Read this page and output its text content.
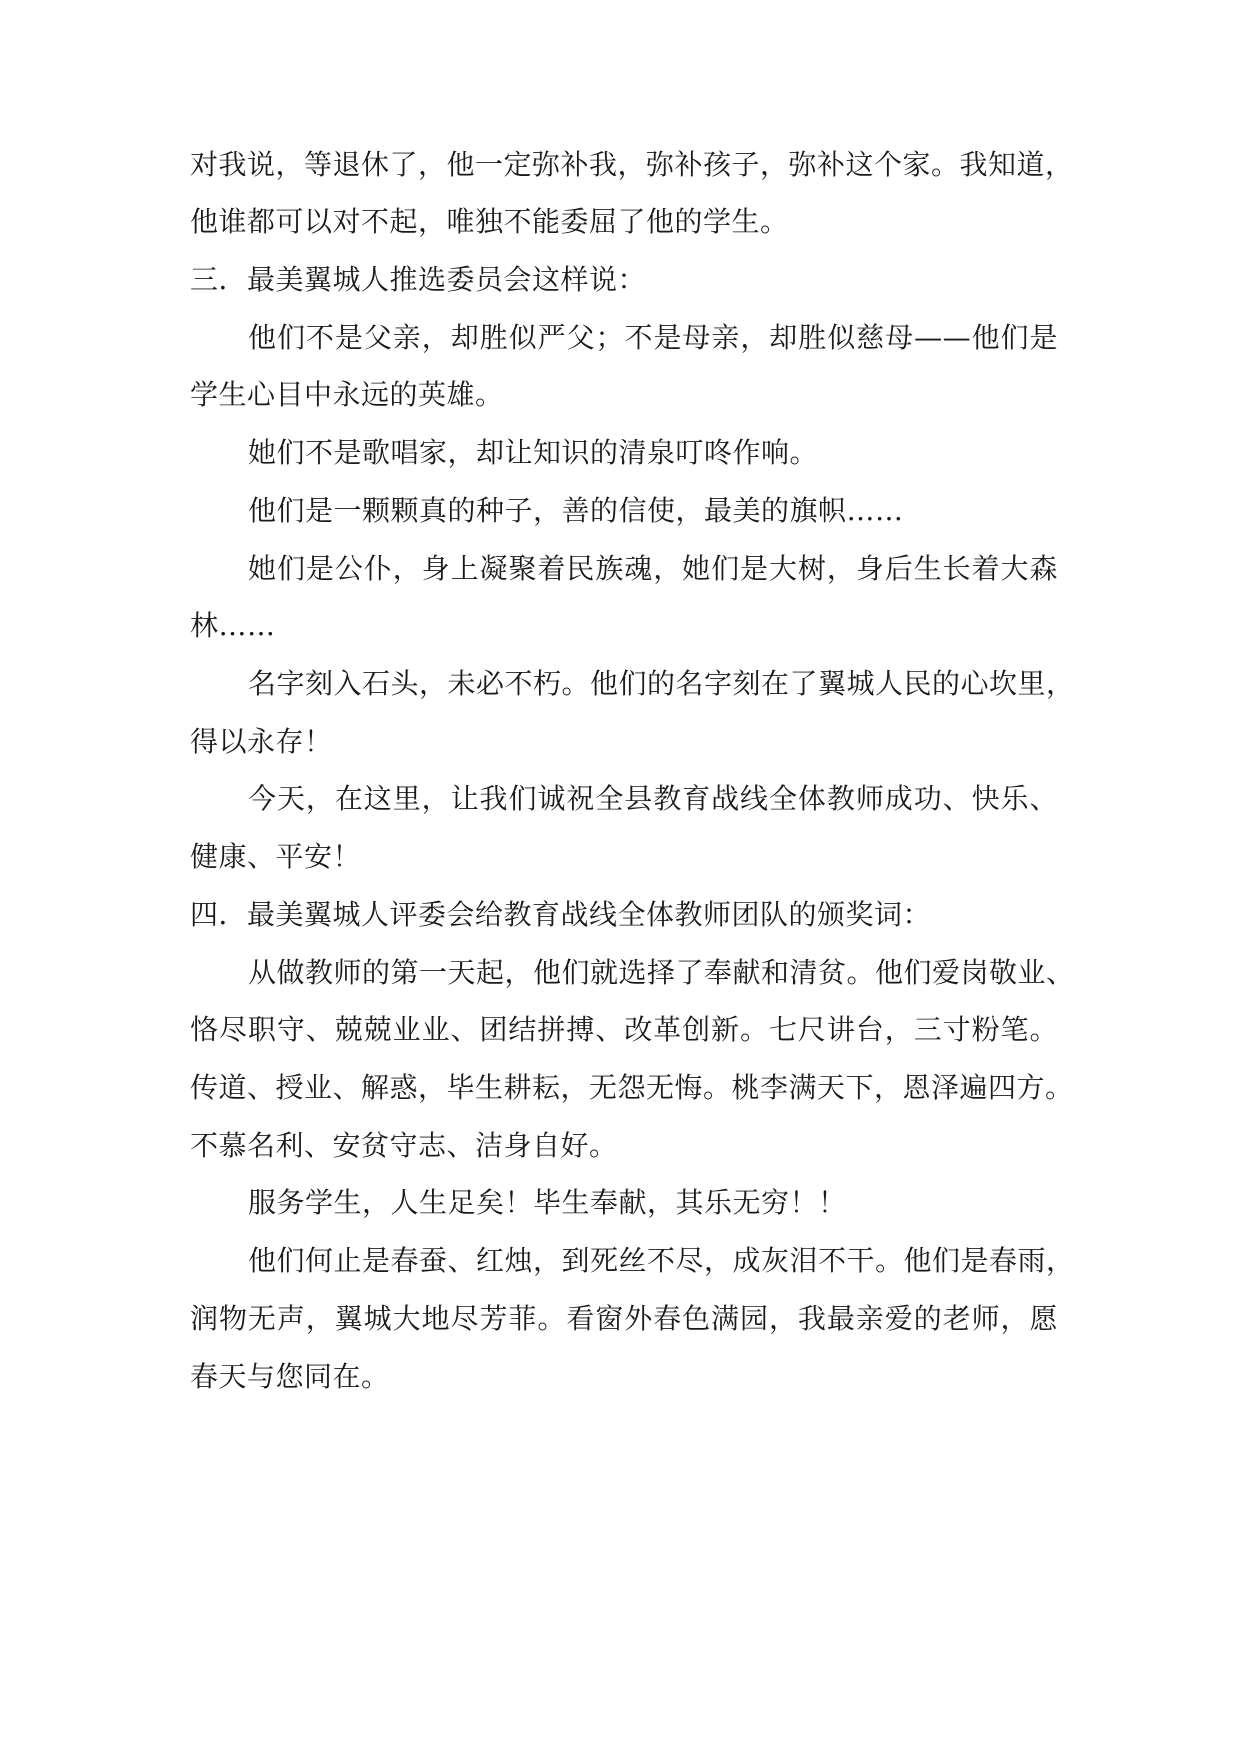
对我说，等退休了，他一定弥补我，弥补孩子，弥补这个家。我知道，
他谁都可以对不起，唯独不能委屈了他的学生。
三．最美翼城人推选委员会这样说：
他们不是父亲，却胜似严父；不是母亲，却胜似慈母——他们是
学生心目中永远的英雄。
她们不是歌唱家，却让知识的清泉叮咚作响。
他们是一颗颗真的种子，善的信使，最美的旗帜……
她们是公仆，身上凝聚着民族魂，她们是大树，身后生长着大森
林……
名字刻入石头，未必不朽。他们的名字刻在了翼城人民的心坎里，
得以永存！
今天，在这里，让我们诚祝全县教育战线全体教师成功、快乐、
健康、平安！
四．最美翼城人评委会给教育战线全体教师团队的颁奖词：
从做教师的第一天起，他们就选择了奉献和清贫。他们爱岗敬业、
恪尽职守、兢兢业业、团结拼搏、改革创新。七尺讲台，三寸粉笔。
传道、授业、解惑，毕生耕耘，无怨无悔。桃李满天下，恩泽遍四方。
不慕名利、安贫守志、洁身自好。
服务学生，人生足矣！毕生奉献，其乐无穷！！
他们何止是春蚕、红烛，到死丝不尽，成灰泪不干。他们是春雨，
润物无声，翼城大地尽芳菲。看窗外春色满园，我最亲爱的老师，愿
春天与您同在。
